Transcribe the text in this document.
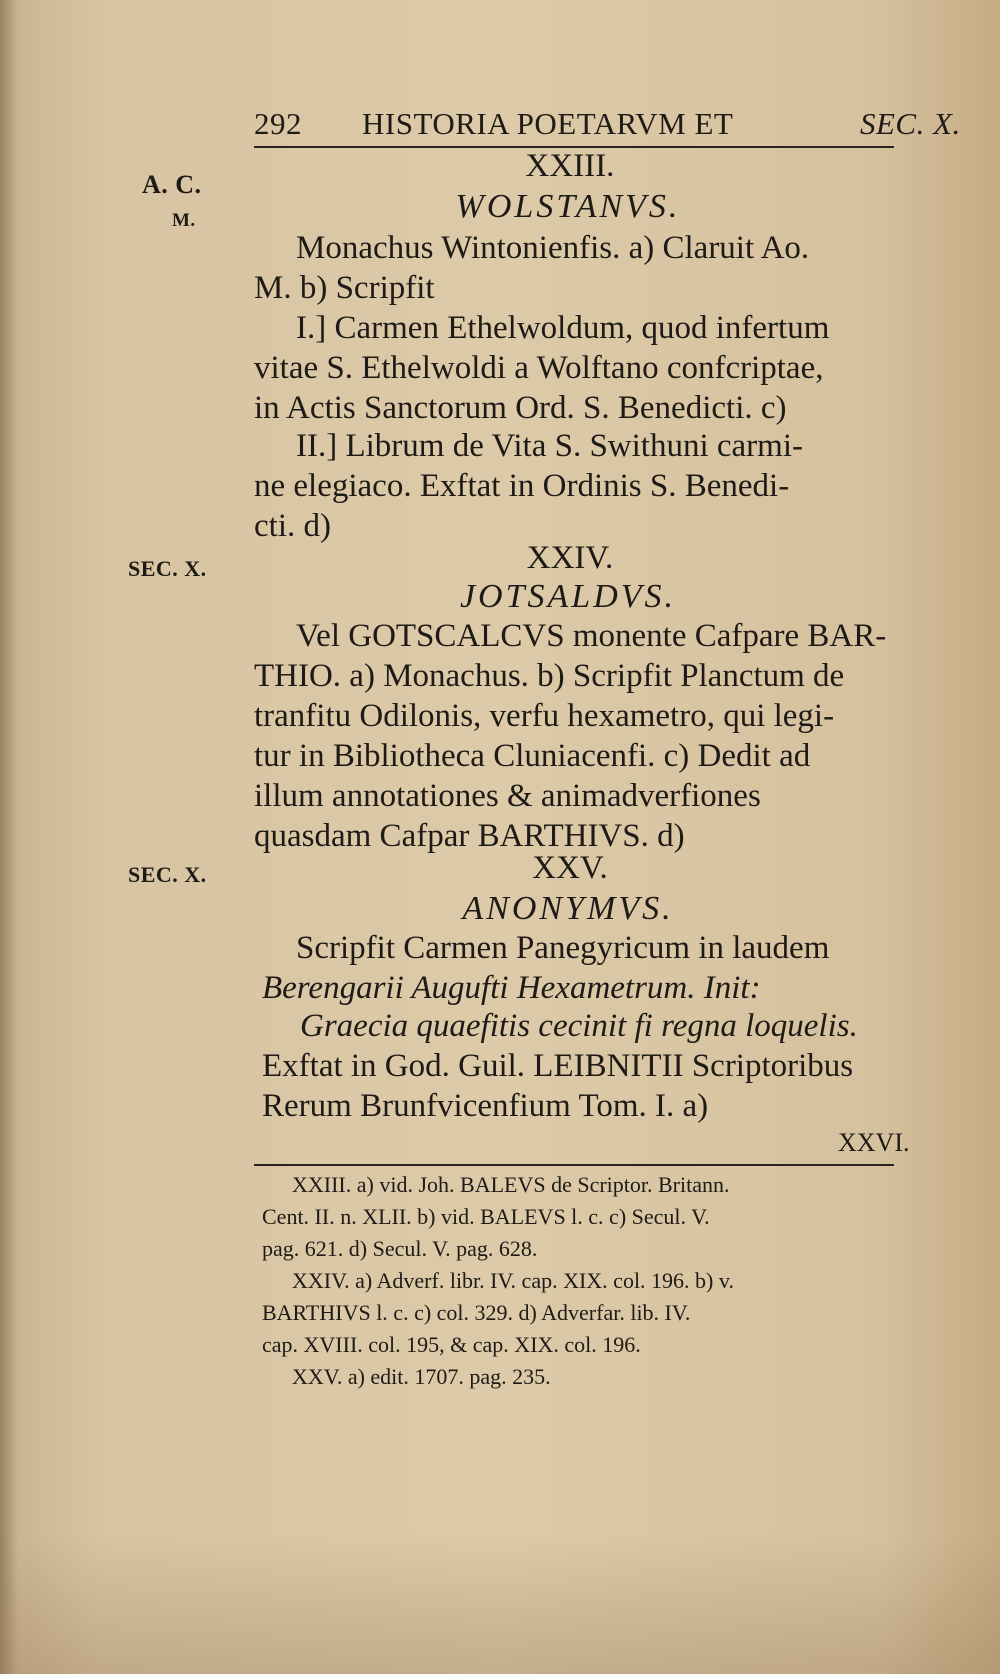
292 HISTORIA POETARVM ET	SEC. X.
A. C.
M.
SEC. X.
SEC. X.
XXIII.
WOLSTANVS.
Monachus Wintonienfis. a) Claruit Ao.
M. b) Scripfit
I.] Carmen Ethelwoldum, quod infertum
vitae S. Ethelwoldi a Wolftano confcriptae,
in Actis Sanctorum Ord. S. Benedicti. c)
II.] Librum de Vita S. Swithuni carmi-
ne elegiaco. Exftat in Ordinis S. Benedi-
cti. d)
XXIV.
JOTSALDVS.
Vel GOTSCALCVS monente Cafpare BAR-
THIO. a) Monachus. b) Scripfit Planctum de
tranfitu Odilonis, verfu hexametro, qui legi-
tur in Bibliotheca Cluniacenfi. c) Dedit ad
illum annotationes & animadverfiones
quasdam Cafpar BARTHIVS. d)
XXV.
ANONYMVS.
Scripfit Carmen Panegyricum in laudem
Berengarii Augufti Hexametrum. Init:
Graecia quaefitis cecinit fi regna loquelis.
Exftat in God. Guil. LEIBNITII Scriptoribus
Rerum Brunfvicenfium Tom. I. a)
XXVI.
XXIII. a) vid. Joh. BALEVS de Scriptor. Britann.
Cent. II. n. XLII. b) vid. BALEVS l. c. c) Secul. V.
pag. 621. d) Secul. V. pag. 628.
XXIV. a) Adverf. libr. IV. cap. XIX. col. 196. b) v.
BARTHIVS l. c. c) col. 329. d) Adverfar. lib. IV.
cap. XVIII. col. 195, & cap. XIX. col. 196.
XXV. a) edit. 1707. pag. 235.
